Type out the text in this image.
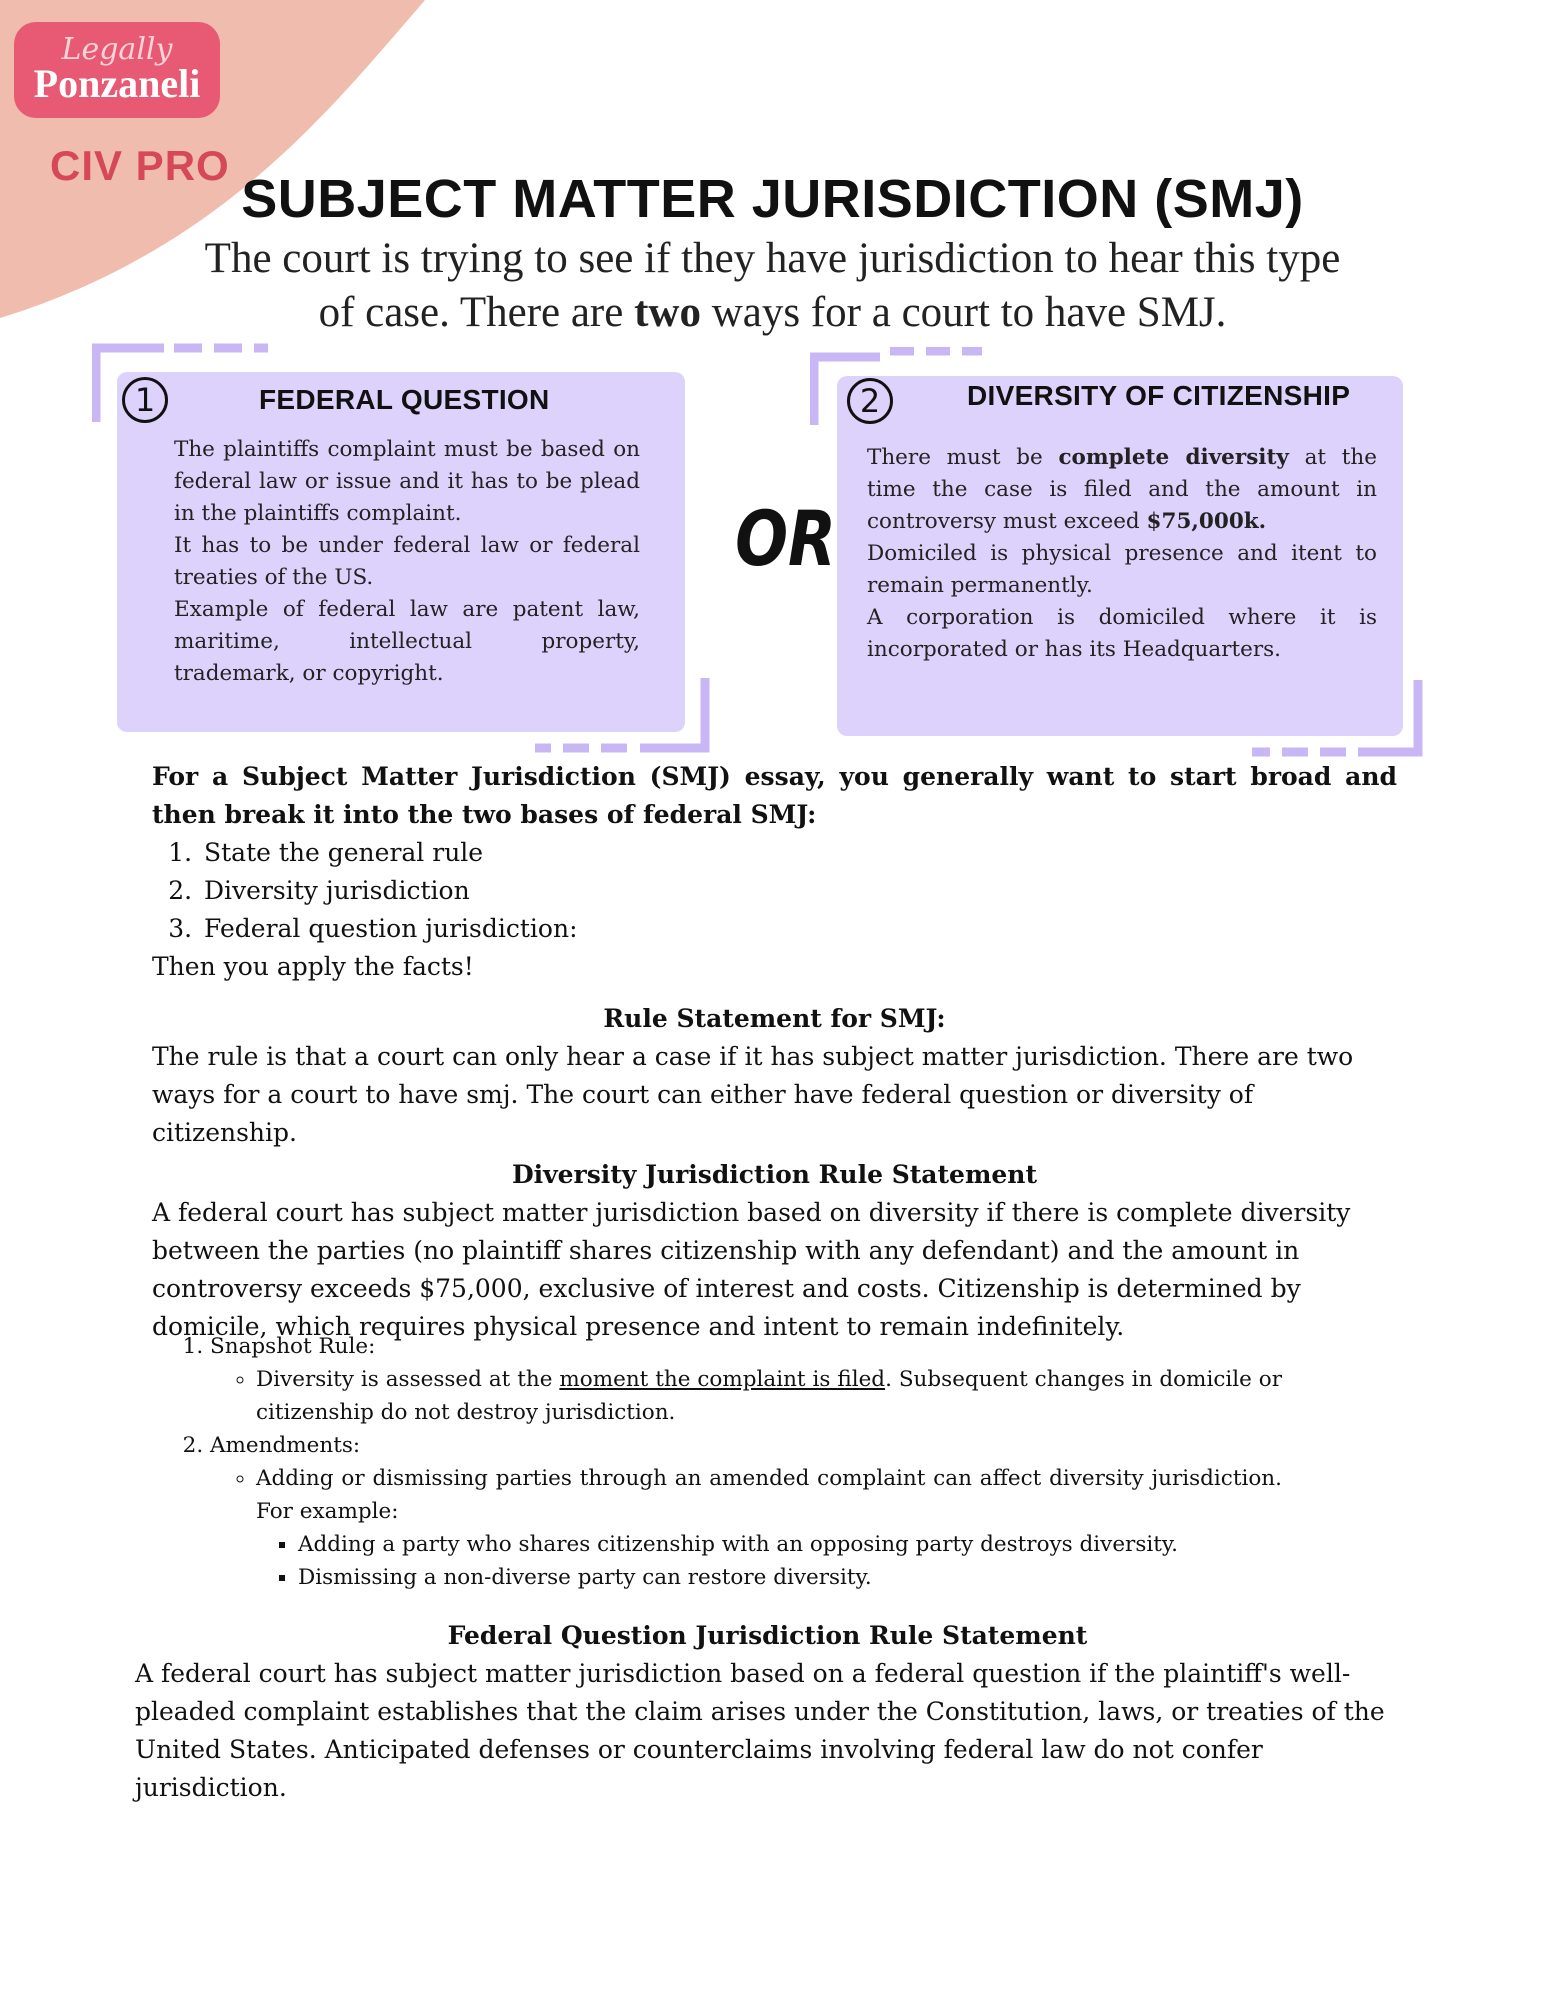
Legally
Ponzaneli
CIV PRO
SUBJECT MATTER JURISDICTION (SMJ)
The court is trying to see if they have jurisdiction to hear this type of case. There are two ways for a court to have SMJ.
1	FEDERAL QUESTION

The plaintiffs complaint must be based on federal law or issue and it has to be plead in the plaintiffs complaint.

It has to be under federal law or federal treaties of the US.

Example of federal law are patent law, maritime, intellectual property, trademark, or copyright.

OR
2	DIVERSITY OF CITIZENSHIP

There must be complete diversity at the time the case is filed and the amount in controversy must exceed $75,000k.

Domiciled is physical presence and itent to remain permanently.

A corporation is domiciled where it is incorporated or has its Headquarters.

For a Subject Matter Jurisdiction (SMJ) essay, you generally want to start broad and then break it into the two bases of federal SMJ:

1. State the general rule
2. Diversity jurisdiction
3. Federal question jurisdiction:

Then you apply the facts!

Rule Statement for SMJ:

The rule is that a court can only hear a case if it has subject matter jurisdiction. There are two ways for a court to have smj. The court can either have federal question or diversity of citizenship.

Diversity Jurisdiction Rule Statement

A federal court has subject matter jurisdiction based on diversity if there is complete diversity between the parties (no plaintiff shares citizenship with any defendant) and the amount in controversy exceeds $75,000, exclusive of interest and costs. Citizenship is determined by domicile, which requires physical presence and intent to remain indefinitely.

1. Snapshot Rule:
◦ Diversity is assessed at the moment the complaint is filed. Subsequent changes in domicile or citizenship do not destroy jurisdiction.
2. Amendments:
◦ Adding or dismissing parties through an amended complaint can affect diversity jurisdiction. For example:
▪ Adding a party who shares citizenship with an opposing party destroys diversity.
▪ Dismissing a non-diverse party can restore diversity.

Federal Question Jurisdiction Rule Statement

A federal court has subject matter jurisdiction based on a federal question if the plaintiff's well-pleaded complaint establishes that the claim arises under the Constitution, laws, or treaties of the United States. Anticipated defenses or counterclaims involving federal law do not confer jurisdiction.
